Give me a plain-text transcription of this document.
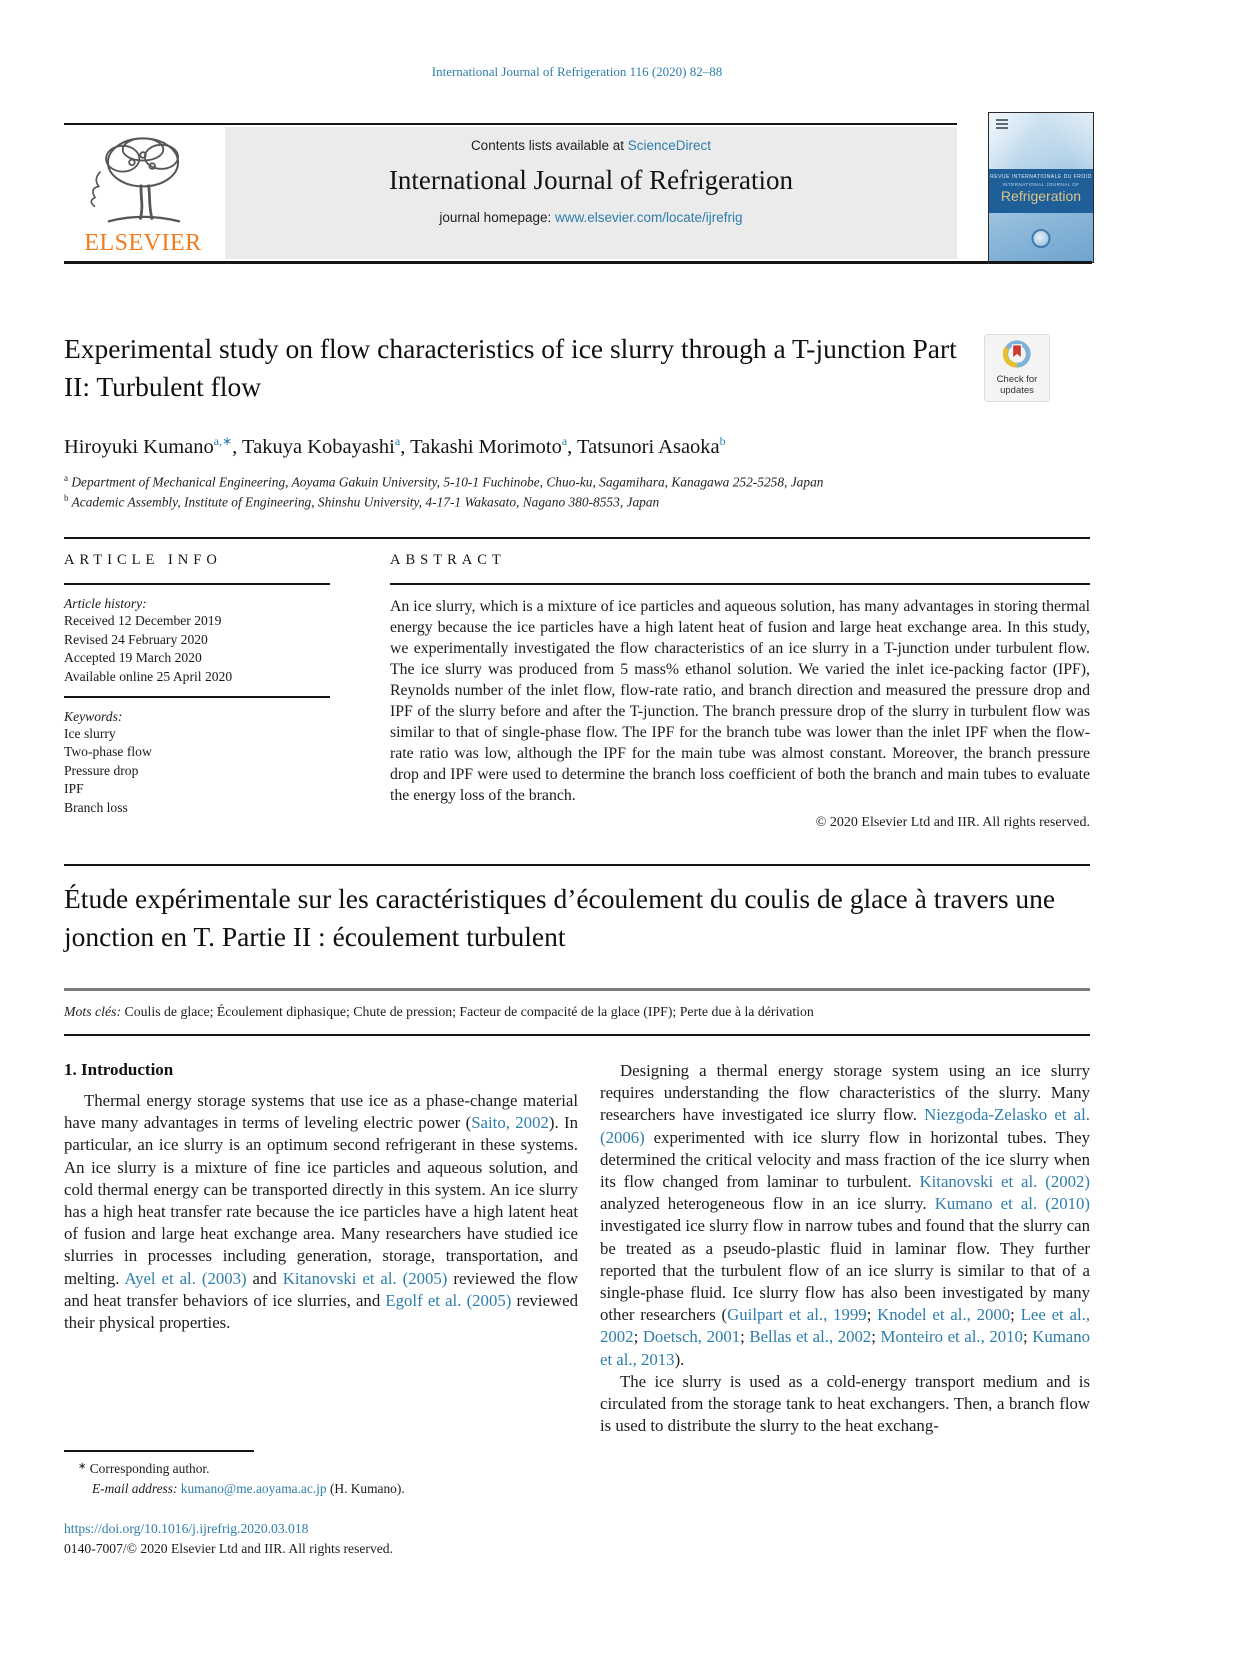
International Journal of Refrigeration 116 (2020) 82–88
ELSEVIER
Contents lists available at ScienceDirect
International Journal of Refrigeration
journal homepage: www.elsevier.com/locate/ijrefrig
REVUE INTERNATIONALE DU FROID
INTERNATIONAL JOURNAL OF
Refrigeration
Experimental study on flow characteristics of ice slurry through a T-junction Part II: Turbulent flow	Check for
updates
Hiroyuki Kumano$^{a,∗}$, Takuya Kobayashi$^a$, Takashi Morimoto$^a$, Tatsunori Asaoka$^b$
$^a$ Department of Mechanical Engineering, Aoyama Gakuin University, 5-10-1 Fuchinobe, Chuo-ku, Sagamihara, Kanagawa 252-5258, Japan
$^b$ Academic Assembly, Institute of Engineering, Shinshu University, 4-17-1 Wakasato, Nagano 380-8553, Japan
ARTICLE INFO
Article history:
Received 12 December 2019
Revised 24 February 2020
Accepted 19 March 2020
Available online 25 April 2020
Keywords:
Ice slurry
Two-phase flow
Pressure drop
IPF
Branch loss
ABSTRACT
An ice slurry, which is a mixture of ice particles and aqueous solution, has many advantages in storing thermal energy because the ice particles have a high latent heat of fusion and large heat exchange area. In this study, we experimentally investigated the flow characteristics of an ice slurry in a T-junction under turbulent flow. The ice slurry was produced from 5 mass% ethanol solution. We varied the inlet ice-packing factor (IPF), Reynolds number of the inlet flow, flow-rate ratio, and branch direction and measured the pressure drop and IPF of the slurry before and after the T-junction. The branch pressure drop of the slurry in turbulent flow was similar to that of single-phase flow. The IPF for the branch tube was lower than the inlet IPF when the flow-rate ratio was low, although the IPF for the main tube was almost constant. Moreover, the branch pressure drop and IPF were used to determine the branch loss coefficient of both the branch and main tubes to evaluate the energy loss of the branch.
© 2020 Elsevier Ltd and IIR. All rights reserved.
Étude expérimentale sur les caractéristiques d’écoulement du coulis de glace à travers une jonction en T. Partie II : écoulement turbulent
Mots clés: Coulis de glace; Écoulement diphasique; Chute de pression; Facteur de compacité de la glace (IPF); Perte due à la dérivation
1. Introduction

Thermal energy storage systems that use ice as a phase-change material have many advantages in terms of leveling electric power (Saito, 2002). In particular, an ice slurry is an optimum second refrigerant in these systems. An ice slurry is a mixture of fine ice particles and aqueous solution, and cold thermal energy can be transported directly in this system. An ice slurry has a high heat transfer rate because the ice particles have a high latent heat of fusion and large heat exchange area. Many researchers have studied ice slurries in processes including generation, storage, transportation, and melting. Ayel et al. (2003) and Kitanovski et al. (2005) reviewed the flow and heat transfer behaviors of ice slurries, and Egolf et al. (2005) reviewed their physical properties.

Designing a thermal energy storage system using an ice slurry requires understanding the flow characteristics of the slurry. Many researchers have investigated ice slurry flow. Niezgoda-Zelasko et al. (2006) experimented with ice slurry flow in horizontal tubes. They determined the critical velocity and mass fraction of the ice slurry when its flow changed from laminar to turbulent. Kitanovski et al. (2002) analyzed heterogeneous flow in an ice slurry. Kumano et al. (2010) investigated ice slurry flow in narrow tubes and found that the slurry can be treated as a pseudo-plastic fluid in laminar flow. They further reported that the turbulent flow of an ice slurry is similar to that of a single-phase fluid. Ice slurry flow has also been investigated by many other researchers (Guilpart et al., 1999; Knodel et al., 2000; Lee et al., 2002; Doetsch, 2001; Bellas et al., 2002; Monteiro et al., 2010; Kumano et al., 2013).

The ice slurry is used as a cold-energy transport medium and is circulated from the storage tank to heat exchangers. Then, a branch flow is used to distribute the slurry to the heat exchang-

∗ Corresponding author.
E-mail address: kumano@me.aoyama.ac.jp (H. Kumano).
https://doi.org/10.1016/j.ijrefrig.2020.03.018
0140-7007/© 2020 Elsevier Ltd and IIR. All rights reserved.
